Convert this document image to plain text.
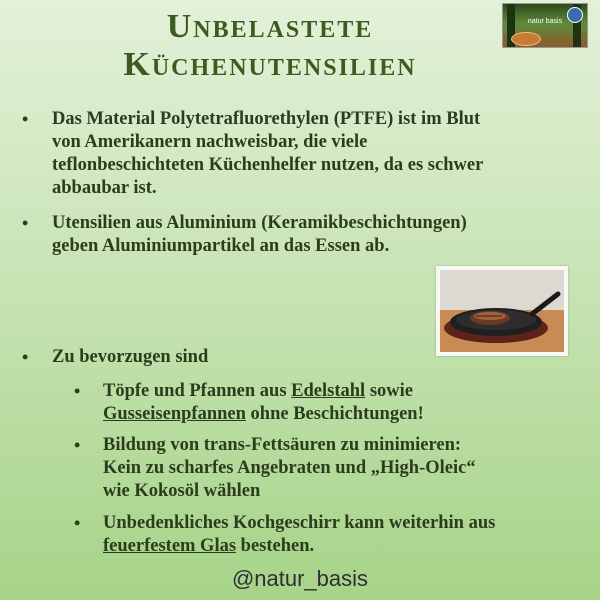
Unbelastete
Küchenutensilien
natur basis
• Das Material Polytetrafluorethylen (PTFE) ist im Blut
von Amerikanern nachweisbar, die viele
teflonbeschichteten Küchenhelfer nutzen, da es schwer
abbaubar ist.
• Utensilien aus Aluminium (Keramikbeschichtungen)
geben Aluminiumpartikel an das Essen ab.
• Zu bevorzugen sind
• Töpfe und Pfannen aus Edelstahl sowie
Gusseisenpfannen ohne Beschichtungen!
• Bildung von trans-Fettsäuren zu minimieren:
Kein zu scharfes Angebraten und „High-Oleic“
wie Kokosöl wählen
• Unbedenkliches Kochgeschirr kann weiterhin aus
feuerfestem Glas bestehen.
@natur_basis
